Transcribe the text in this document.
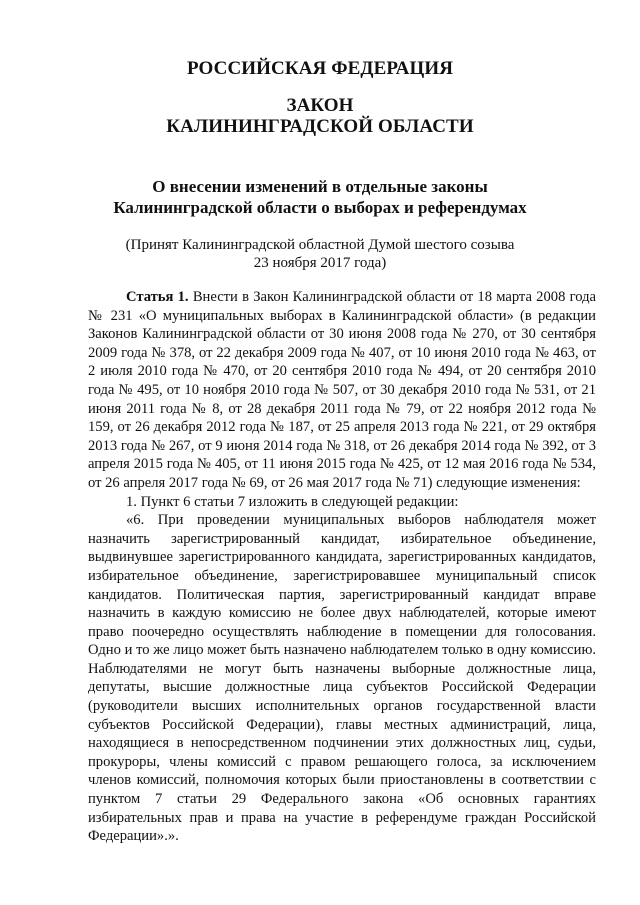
РОССИЙСКАЯ ФЕДЕРАЦИЯ
ЗАКОН
КАЛИНИНГРАДСКОЙ ОБЛАСТИ
О внесении изменений в отдельные законы
Калининградской области о выборах и референдумах
(Принят Калининградской областной Думой шестого созыва
23 ноября 2017 года)

Статья 1. Внести в Закон Калининградской области от 18 марта 2008 года № 231 «О муниципальных выборах в Калининградской области» (в редакции Законов Калининградской области от 30 июня 2008 года № 270, от 30 сентября 2009 года № 378, от 22 декабря 2009 года № 407, от 10 июня 2010 года № 463, от 2 июля 2010 года № 470, от 20 сентября 2010 года № 494, от 20 сентября 2010 года № 495, от 10 ноября 2010 года № 507, от 30 декабря 2010 года № 531, от 21 июня 2011 года № 8, от 28 декабря 2011 года № 79, от 22 ноября 2012 года № 159, от 26 декабря 2012 года № 187, от 25 апреля 2013 года № 221, от 29 октября 2013 года № 267, от 9 июня 2014 года № 318, от 26 декабря 2014 года № 392, от 3 апреля 2015 года № 405, от 11 июня 2015 года № 425, от 12 мая 2016 года № 534, от 26 апреля 2017 года № 69, от 26 мая 2017 года № 71) следующие изменения:

1. Пункт 6 статьи 7 изложить в следующей редакции:

«6. При проведении муниципальных выборов наблюдателя может назначить зарегистрированный кандидат, избирательное объединение, выдвинувшее зарегистрированного кандидата, зарегистрированных кандидатов, избирательное объединение, зарегистрировавшее муниципальный список кандидатов. Политическая партия, зарегистрированный кандидат вправе назначить в каждую комиссию не более двух наблюдателей, которые имеют право поочередно осуществлять наблюдение в помещении для голосования. Одно и то же лицо может быть назначено наблюдателем только в одну комиссию. Наблюдателями не могут быть назначены выборные должностные лица, депутаты, высшие должностные лица субъектов Российской Федерации (руководители высших исполнительных органов государственной власти субъектов Российской Федерации), главы местных администраций, лица, находящиеся в непосредственном подчинении этих должностных лиц, судьи, прокуроры, члены комиссий с правом решающего голоса, за исключением членов комиссий, полномочия которых были приостановлены в соответствии с пунктом 7 статьи 29 Федерального закона «Об основных гарантиях избирательных прав и права на участие в референдуме граждан Российской Федерации».».
